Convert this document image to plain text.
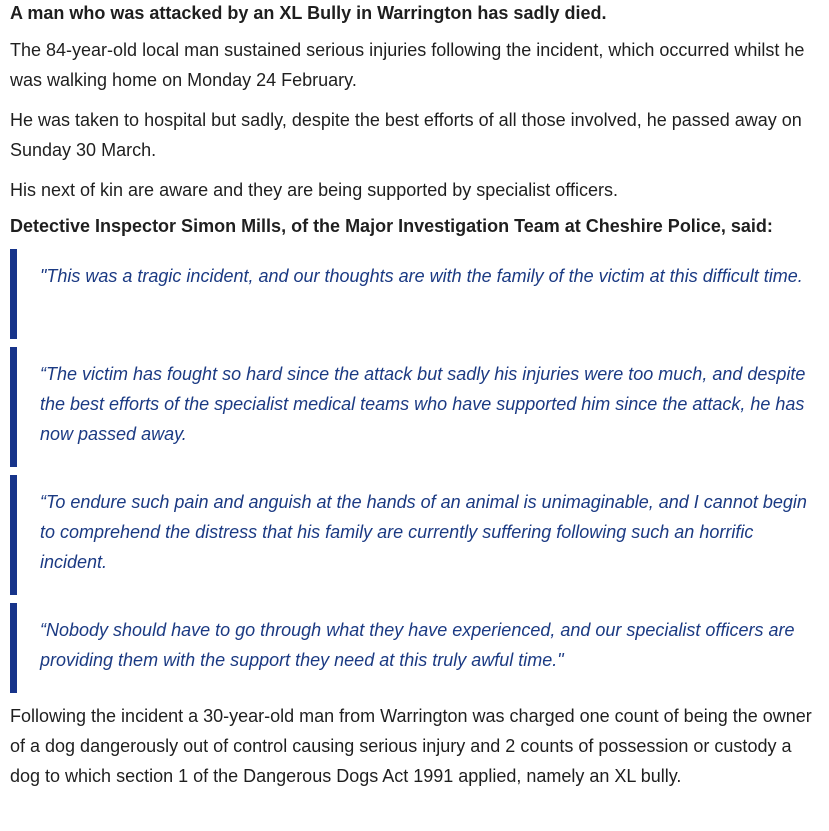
A man who was attacked by an XL Bully in Warrington has sadly died.

The 84-year-old local man sustained serious injuries following the incident, which occurred whilst he was walking home on Monday 24 February.

He was taken to hospital but sadly, despite the best efforts of all those involved, he passed away on Sunday 30 March.

His next of kin are aware and they are being supported by specialist officers.

Detective Inspector Simon Mills, of the Major Investigation Team at Cheshire Police, said:

"This was a tragic incident, and our thoughts are with the family of the victim at this difficult time.
“The victim has fought so hard since the attack but sadly his injuries were too much, and despite the best efforts of the specialist medical teams who have supported him since the attack, he has now passed away.
“To endure such pain and anguish at the hands of an animal is unimaginable, and I cannot begin to comprehend the distress that his family are currently suffering following such an horrific incident.
“Nobody should have to go through what they have experienced, and our specialist officers are providing them with the support they need at this truly awful time."

Following the incident a 30-year-old man from Warrington was charged one count of being the owner of a dog dangerously out of control causing serious injury and 2 counts of possession or custody a dog to which section 1 of the Dangerous Dogs Act 1991 applied, namely an XL bully.
